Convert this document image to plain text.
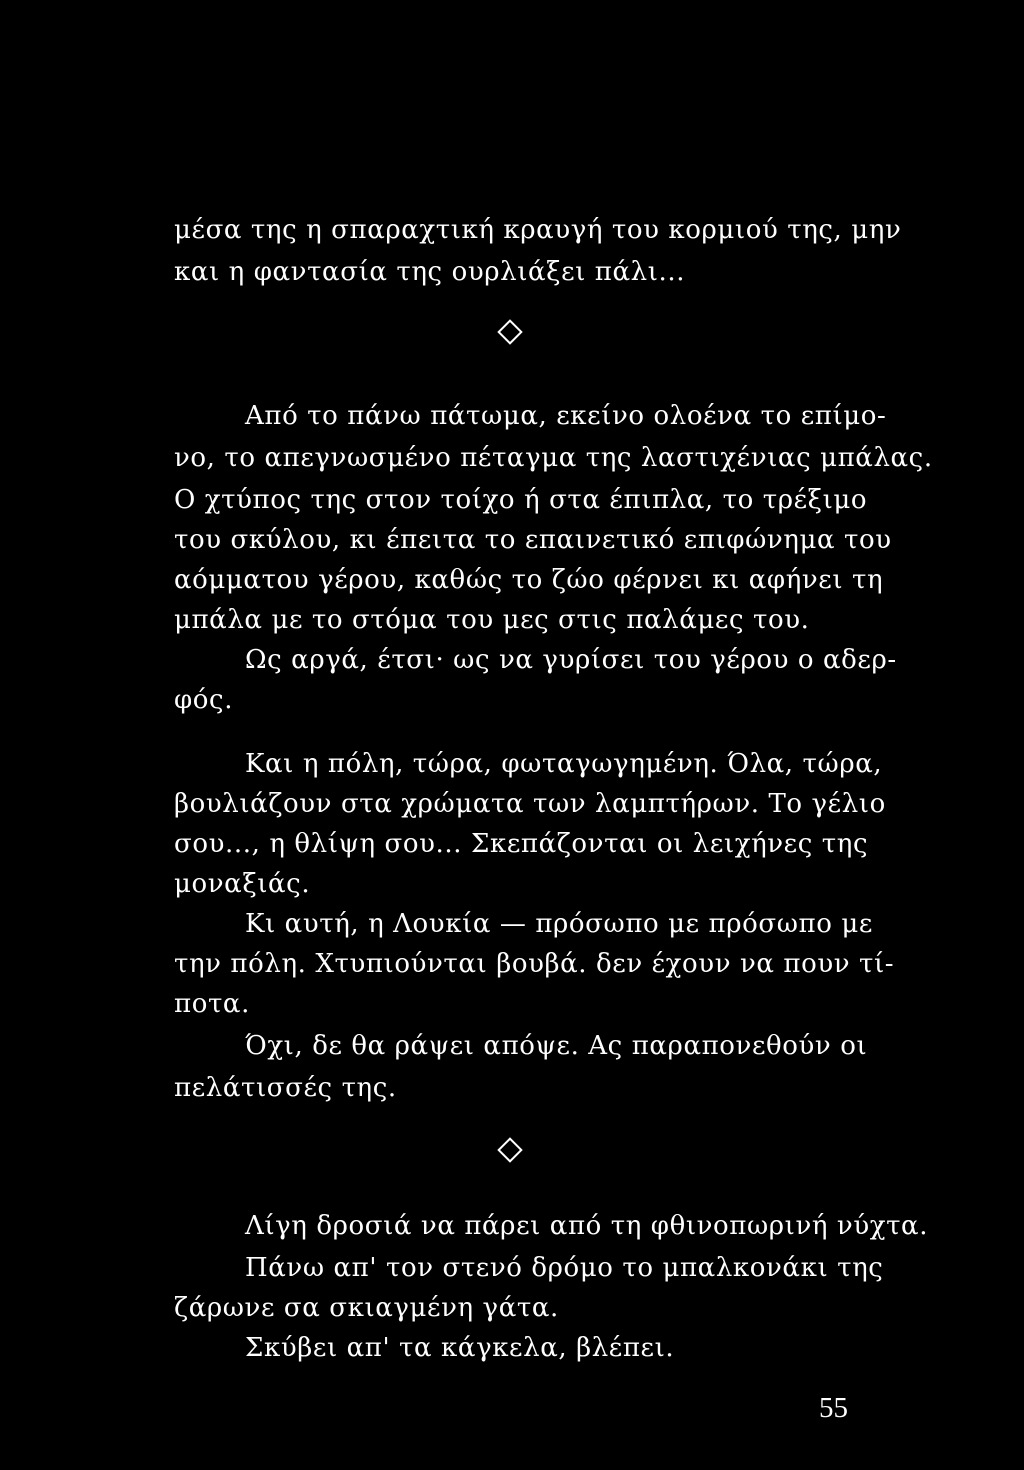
μέσα της η σπαραχτική κραυγή του κορμιού της, μην
και η φαντασία της ουρλιάξει πάλι...
Από το πάνω πάτωμα, εκείνο ολοένα το επίμο-
νο, το απεγνωσμένο πέταγμα της λαστιχένιας μπάλας.
Ο χτύπος της στον τοίχο ή στα έπιπλα, το τρέξιμο
του σκύλου, κι έπειτα το επαινετικό επιφώνημα του
αόμματου γέρου, καθώς το ζώο φέρνει κι αφήνει τη
μπάλα με το στόμα του μες στις παλάμες του.
Ως αργά, έτσι· ως να γυρίσει του γέρου ο αδερ-
φός.
Και η πόλη, τώρα, φωταγωγημένη. Όλα, τώρα,
βουλιάζουν στα χρώματα των λαμπτήρων. Το γέλιο
σου..., η θλίψη σου... Σκεπάζονται οι λειχήνες της
μοναξιάς.
Κι αυτή, η Λουκία — πρόσωπο με πρόσωπο με
την πόλη. Χτυπιούνται βουβά. δεν έχουν να πουν τί-
ποτα.
Όχι, δε θα ράψει απόψε. Ας παραπονεθούν οι
πελάτισσές της.
Λίγη δροσιά να πάρει από τη φθινοπωρινή νύχτα.
Πάνω απ' τον στενό δρόμο το μπαλκονάκι της
ζάρωνε σα σκιαγμένη γάτα.
Σκύβει απ' τα κάγκελα, βλέπει.
55
